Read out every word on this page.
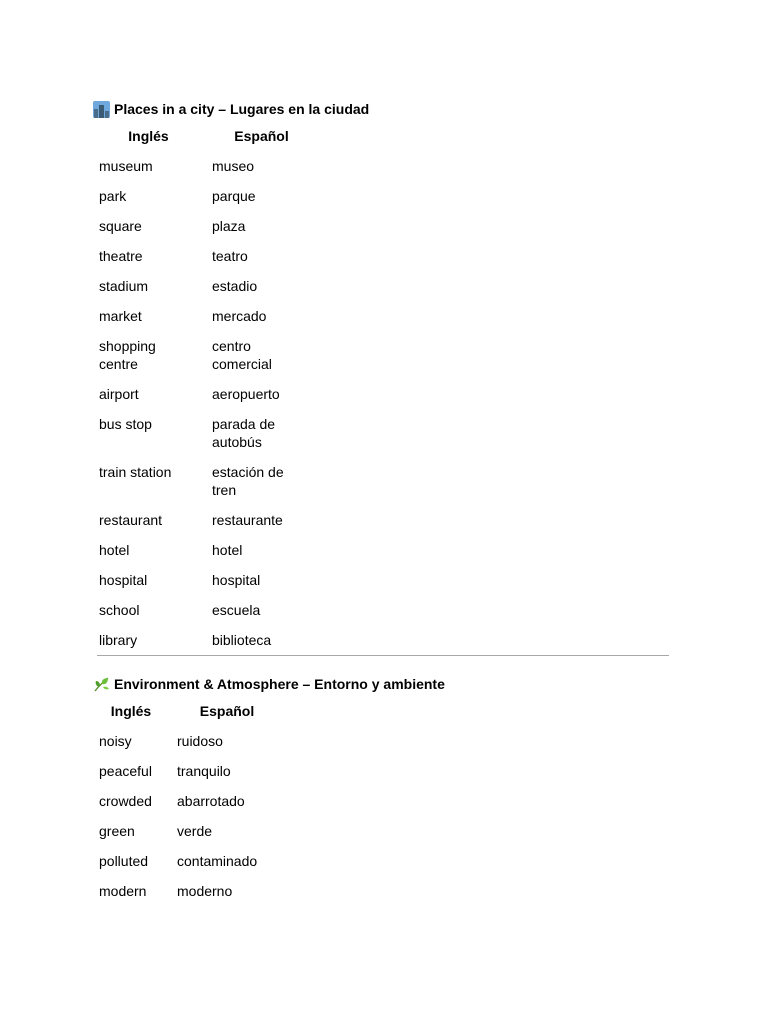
Places in a city – Lugares en la ciudad
Inglés	Español
museum	museo
park	parque
square	plaza
theatre	teatro
stadium	estadio
market	mercado
shopping centre	centro comercial
airport	aeropuerto
bus stop	parada de autobús
train station	estación de tren
restaurant	restaurante
hotel	hotel
hospital	hospital
school	escuela
library	biblioteca
Environment & Atmosphere – Entorno y ambiente
Inglés	Español
noisy	ruidoso
peaceful	tranquilo
crowded	abarrotado
green	verde
polluted	contaminado
modern	moderno
